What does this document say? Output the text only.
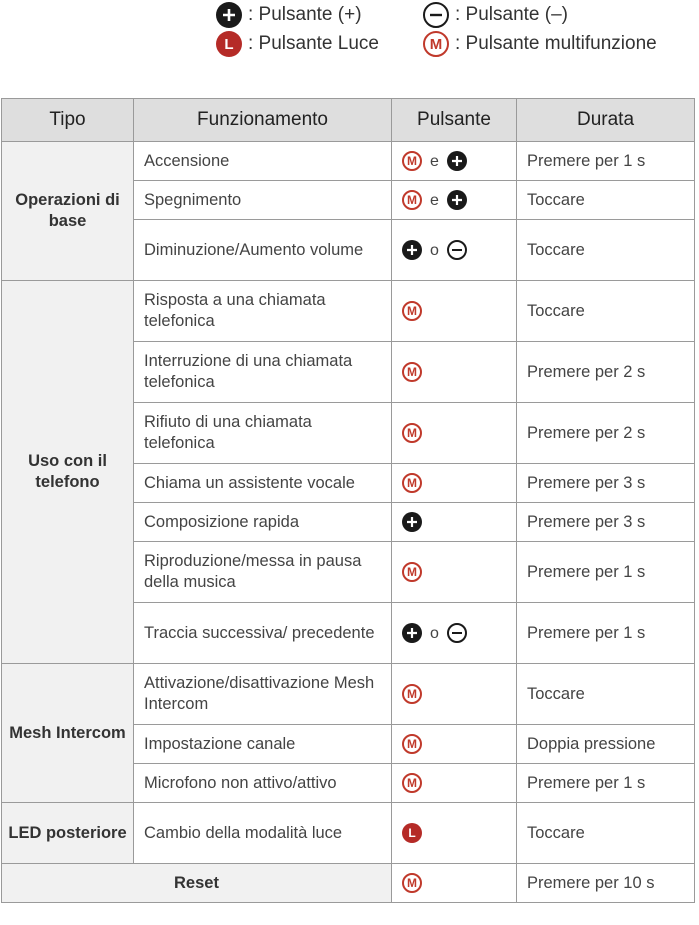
: Pulsante (+)	: Pulsante (–)
L : Pulsante Luce	M : Pulsante multifunzione
Tipo	Funzionamento	Pulsante	Durata
Operazioni di base	Accensione	M e	Premere per 1 s
	Spegnimento	M e	Toccare
	Diminuzione/Aumento volume	o	Toccare
Uso con il telefono	Risposta a una chiamata telefonica	M	Toccare
	Interruzione di una chiamata telefonica	M	Premere per 2 s
	Rifiuto di una chiamata telefonica	M	Premere per 2 s
	Chiama un assistente vocale	M	Premere per 3 s
	Composizione rapida		Premere per 3 s
	Riproduzione/messa in pausa della musica	M	Premere per 1 s
	Traccia successiva/ precedente	o	Premere per 1 s
Mesh Intercom	Attivazione/disattivazione Mesh Intercom	M	Toccare
	Impostazione canale	M	Doppia pressione
	Microfono non attivo/attivo	M	Premere per 1 s
LED posteriore	Cambio della modalità luce	L	Toccare
Reset		M	Premere per 10 s
